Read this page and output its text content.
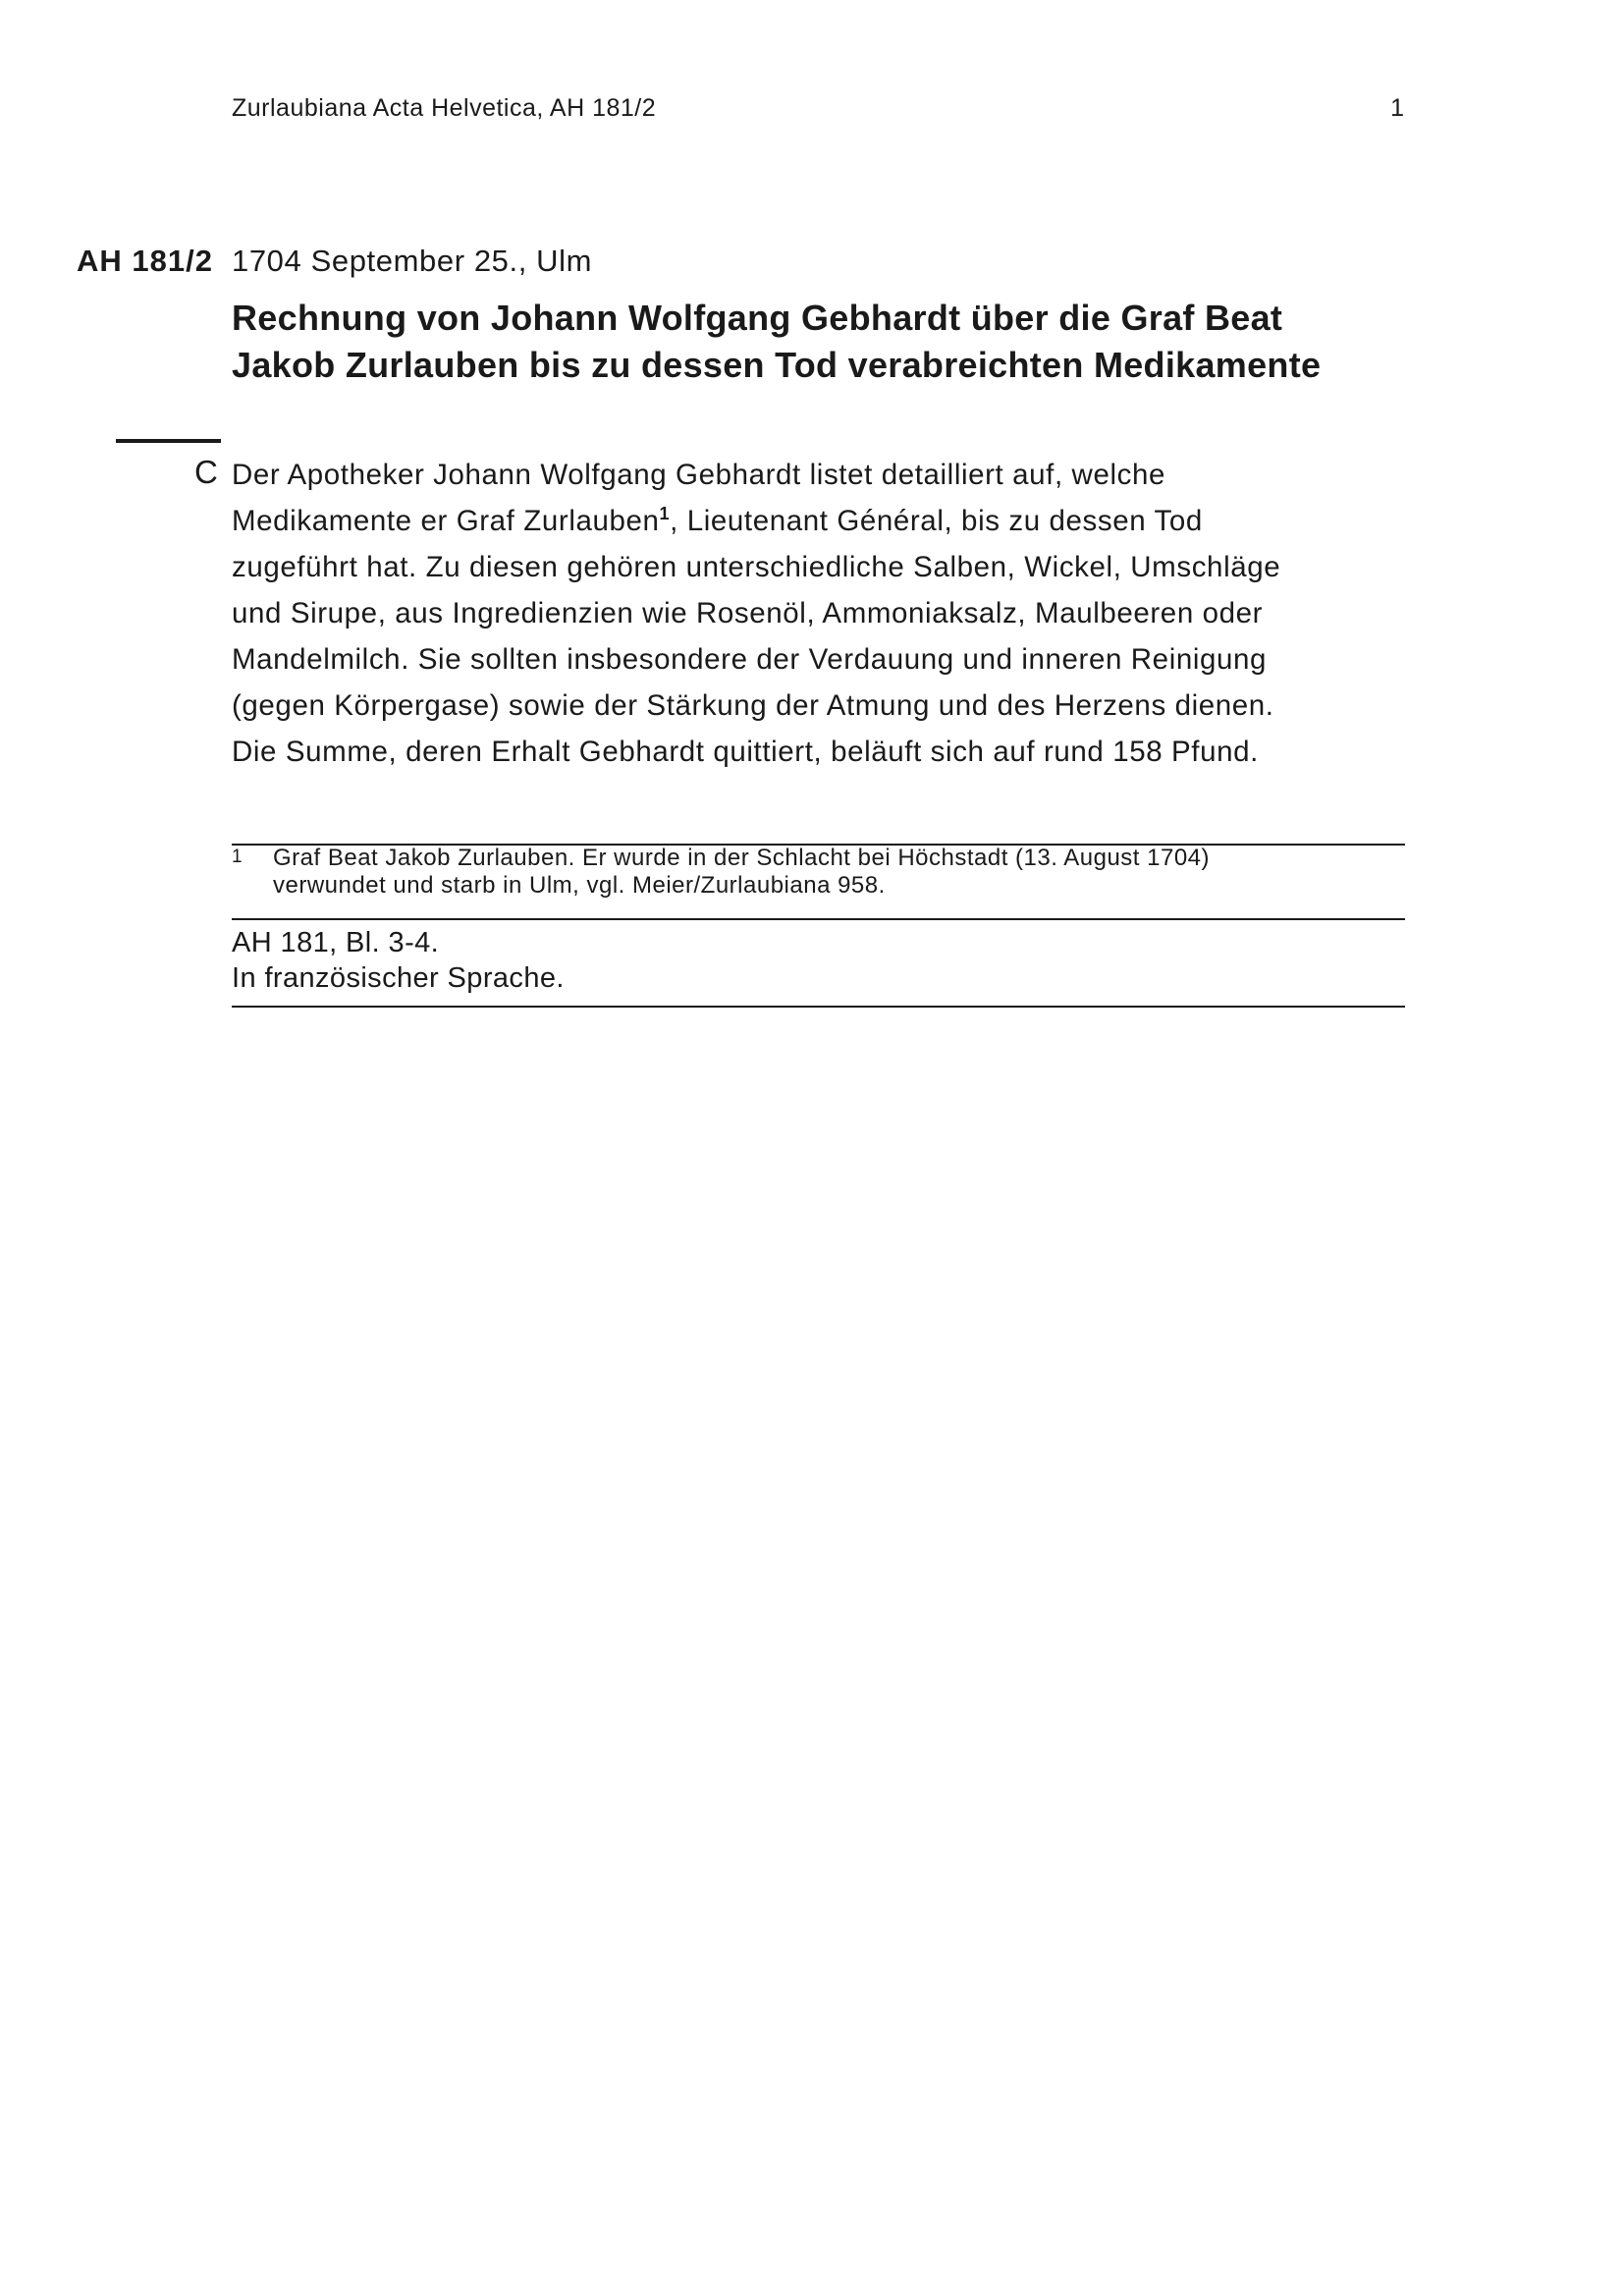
Zurlaubiana Acta Helvetica, AH 181/2	1
AH 181/2 1704 September 25., Ulm
Rechnung von Johann Wolfgang Gebhardt über die Graf Beat
Jakob Zurlauben bis zu dessen Tod verabreichten Medikamente
C Der Apotheker Johann Wolfgang Gebhardt listet detailliert auf, welche
Medikamente er Graf Zurlauben$^1$, Lieutenant Général, bis zu dessen Tod
zugeführt hat. Zu diesen gehören unterschiedliche Salben, Wickel, Umschläge
und Sirupe, aus Ingredienzien wie Rosenöl, Ammoniaksalz, Maulbeeren oder
Mandelmilch. Sie sollten insbesondere der Verdauung und inneren Reinigung
(gegen Körpergase) sowie der Stärkung der Atmung und des Herzens dienen.
Die Summe, deren Erhalt Gebhardt quittiert, beläuft sich auf rund 158 Pfund.
1 Graf Beat Jakob Zurlauben. Er wurde in der Schlacht bei Höchstadt (13. August 1704)
verwundet und starb in Ulm, vgl. Meier/Zurlaubiana 958.
AH 181, Bl. 3-4.
In französischer Sprache.
